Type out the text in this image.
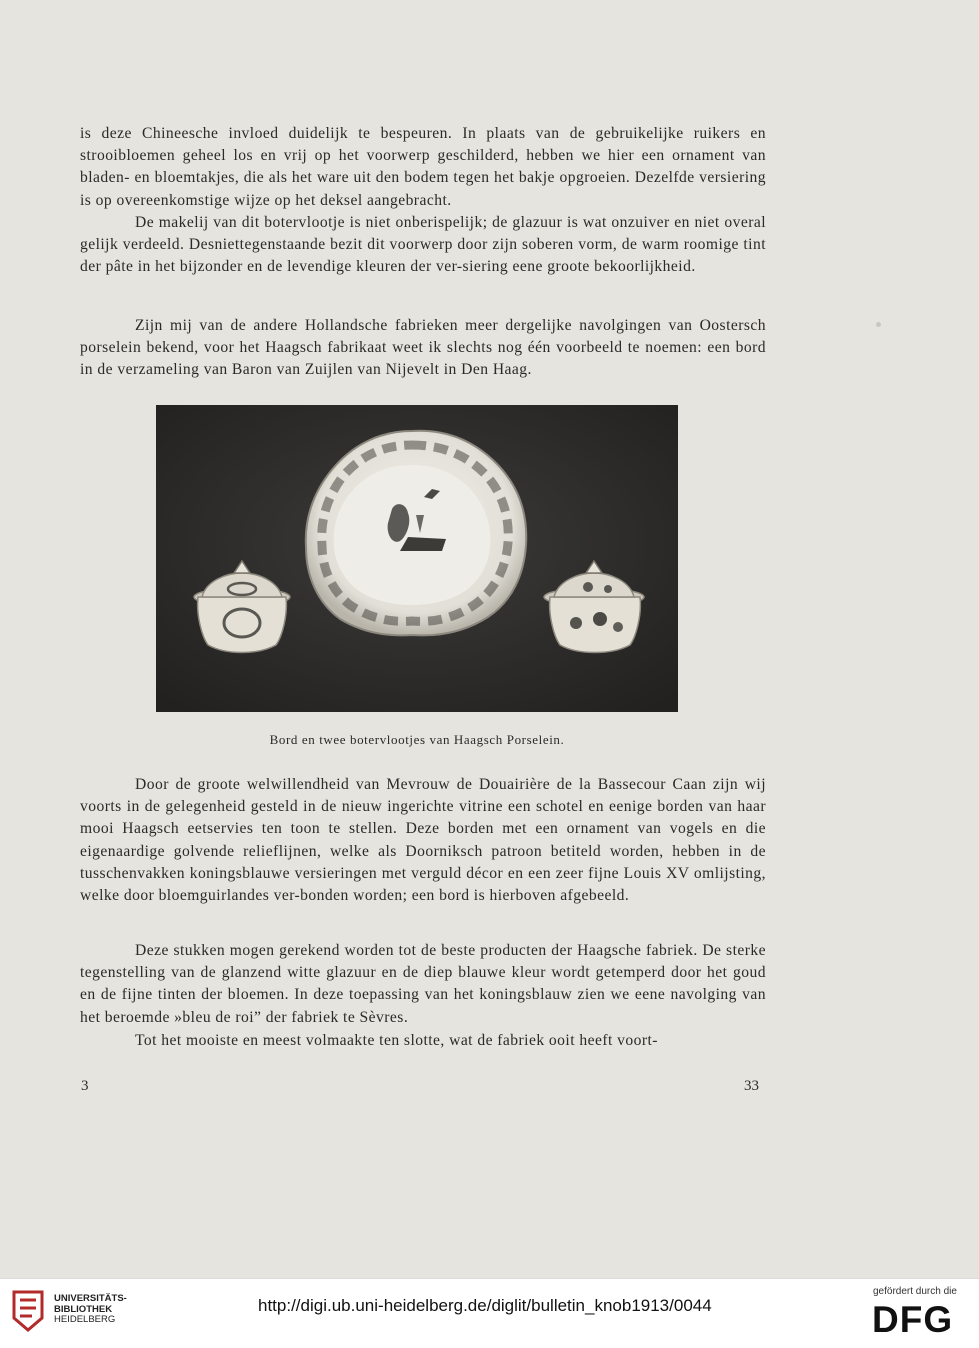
is deze Chineesche invloed duidelijk te bespeuren. In plaats van de gebruikelijke ruikers en strooibloemen geheel los en vrij op het voorwerp geschilderd, hebben we hier een ornament van bladen- en bloemtakjes, die als het ware uit den bodem tegen het bakje opgroeien. Dezelfde versiering is op overeenkomstige wijze op het deksel aangebracht.

De makelij van dit botervlootje is niet onberispelijk; de glazuur is wat onzuiver en niet overal gelijk verdeeld. Desniettegenstaande bezit dit voorwerp door zijn soberen vorm, de warm roomige tint der pâte in het bijzonder en de levendige kleuren der ver-siering eene groote bekoorlijkheid.

Zijn mij van de andere Hollandsche fabrieken meer dergelijke navolgingen van Oostersch porselein bekend, voor het Haagsch fabrikaat weet ik slechts nog één voorbeeld te noemen: een bord in de verzameling van Baron van Zuijlen van Nijevelt in Den Haag.

Bord en twee botervlootjes van Haagsch Porselein.

Door de groote welwillendheid van Mevrouw de Douairière de la Bassecour Caan zijn wij voorts in de gelegenheid gesteld in de nieuw ingerichte vitrine een schotel en eenige borden van haar mooi Haagsch eetservies ten toon te stellen. Deze borden met een ornament van vogels en die eigenaardige golvende relieflijnen, welke als Doorniksch patroon betiteld worden, hebben in de tusschenvakken koningsblauwe versieringen met verguld décor en een zeer fijne Louis XV omlijsting, welke door bloemguirlandes ver-bonden worden; een bord is hierboven afgebeeld.

Deze stukken mogen gerekend worden tot de beste producten der Haagsche fabriek. De sterke tegenstelling van de glanzend witte glazuur en de diep blauwe kleur wordt getemperd door het goud en de fijne tinten der bloemen. In deze toepassing van het koningsblauw zien we eene navolging van het beroemde »bleu de roi” der fabriek te Sèvres.

Tot het mooiste en meest volmaakte ten slotte, wat de fabriek ooit heeft voort-

3	33
UNIVERSITÄTS-
BIBLIOTHEK
HEIDELBERG
http://digi.ub.uni-heidelberg.de/diglit/bulletin_knob1913/0044
gefördert durch die
DFG
